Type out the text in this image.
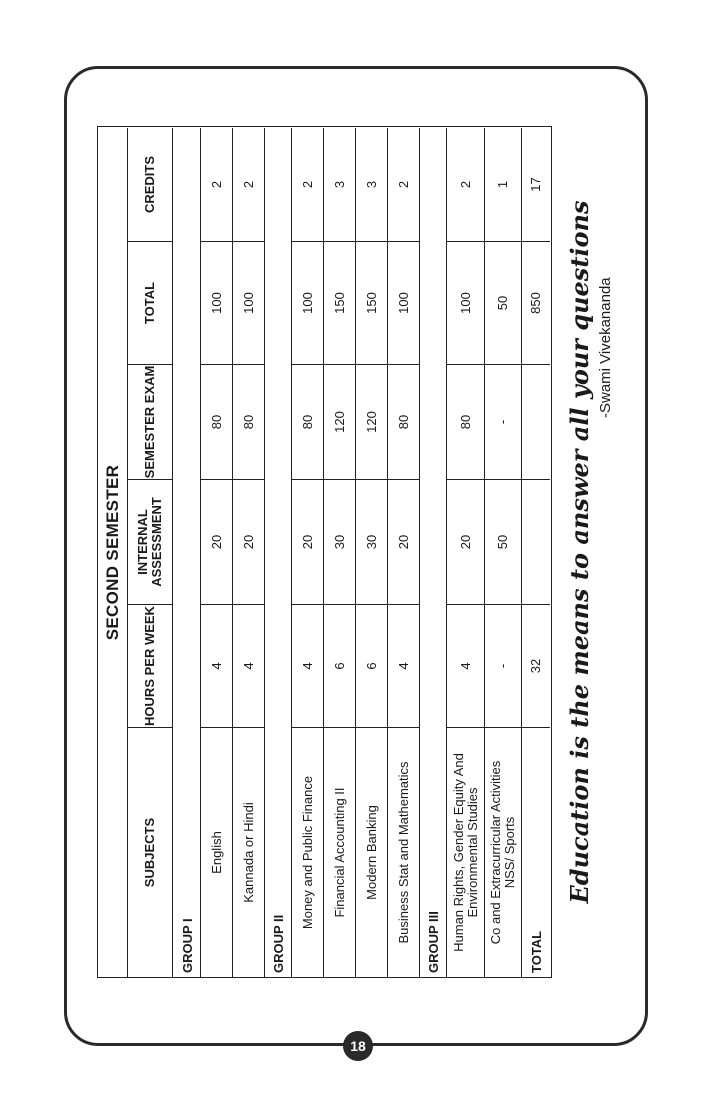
SECOND SEMESTER
SUBJECTS
HOURS PER WEEK
INTERNAL ASSESSMENT
SEMESTER EXAM
TOTAL
CREDITS
GROUP I
English
4
20
80
100
2
Kannada or Hindi
4
20
80
100
2
GROUP II
Money and Public Finance
4
20
80
100
2
Financial Accounting II
6
30
120
150
3
Modern Banking
6
30
120
150
3
Business Stat and Mathematics
4
20
80
100
2
GROUP III Human Rights, Gender Equity And Environmental Studies
4
20
80
100
2
Co and Extracurricular Activities NSS/ Sports
-
50
-
50
1
TOTAL
32
850
17
Education is the means to answer all your questions -Swami Vivekananda
18
